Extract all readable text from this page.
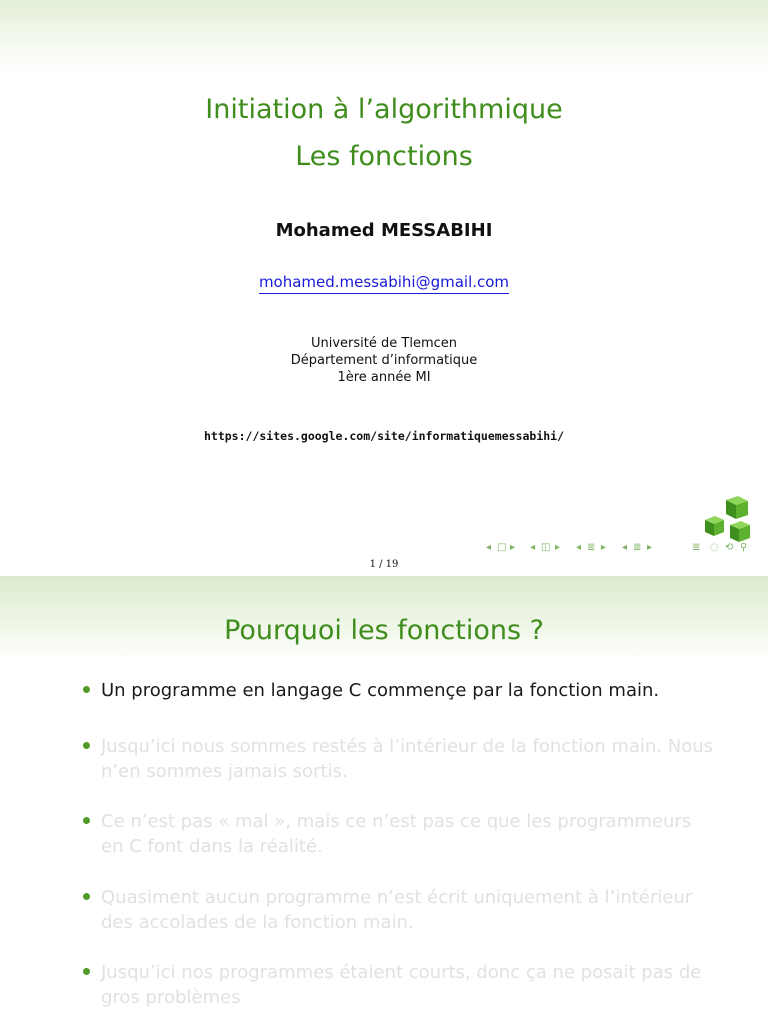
Initiation à l’algorithmique
Les fonctions
Mohamed MESSABIHI
mohamed.messabihi@gmail.com
Université de Tlemcen
Département d’informatique
1ère année MI
https://sites.google.com/site/informatiquemessabihi/
◂ □ ▸ ◂ ◫ ▸ ◂ ≣ ▸ ◂ ≣ ▸	≣ ◌ ⟲ ⚲
1 / 19
Pourquoi les fonctions ?
Un programme en langage C commençe par la fonction main.
Jusqu’ici nous sommes restés à l’intérieur de la fonction main. Nous n’en sommes jamais sortis.
Ce n’est pas « mal », mais ce n’est pas ce que les programmeurs en C font dans la réalité.
Quasiment aucun programme n’est écrit uniquement à l’intérieur des accolades de la fonction main.
Jusqu’ici nos programmes étaient courts, donc ça ne posait pas de gros problèmes
